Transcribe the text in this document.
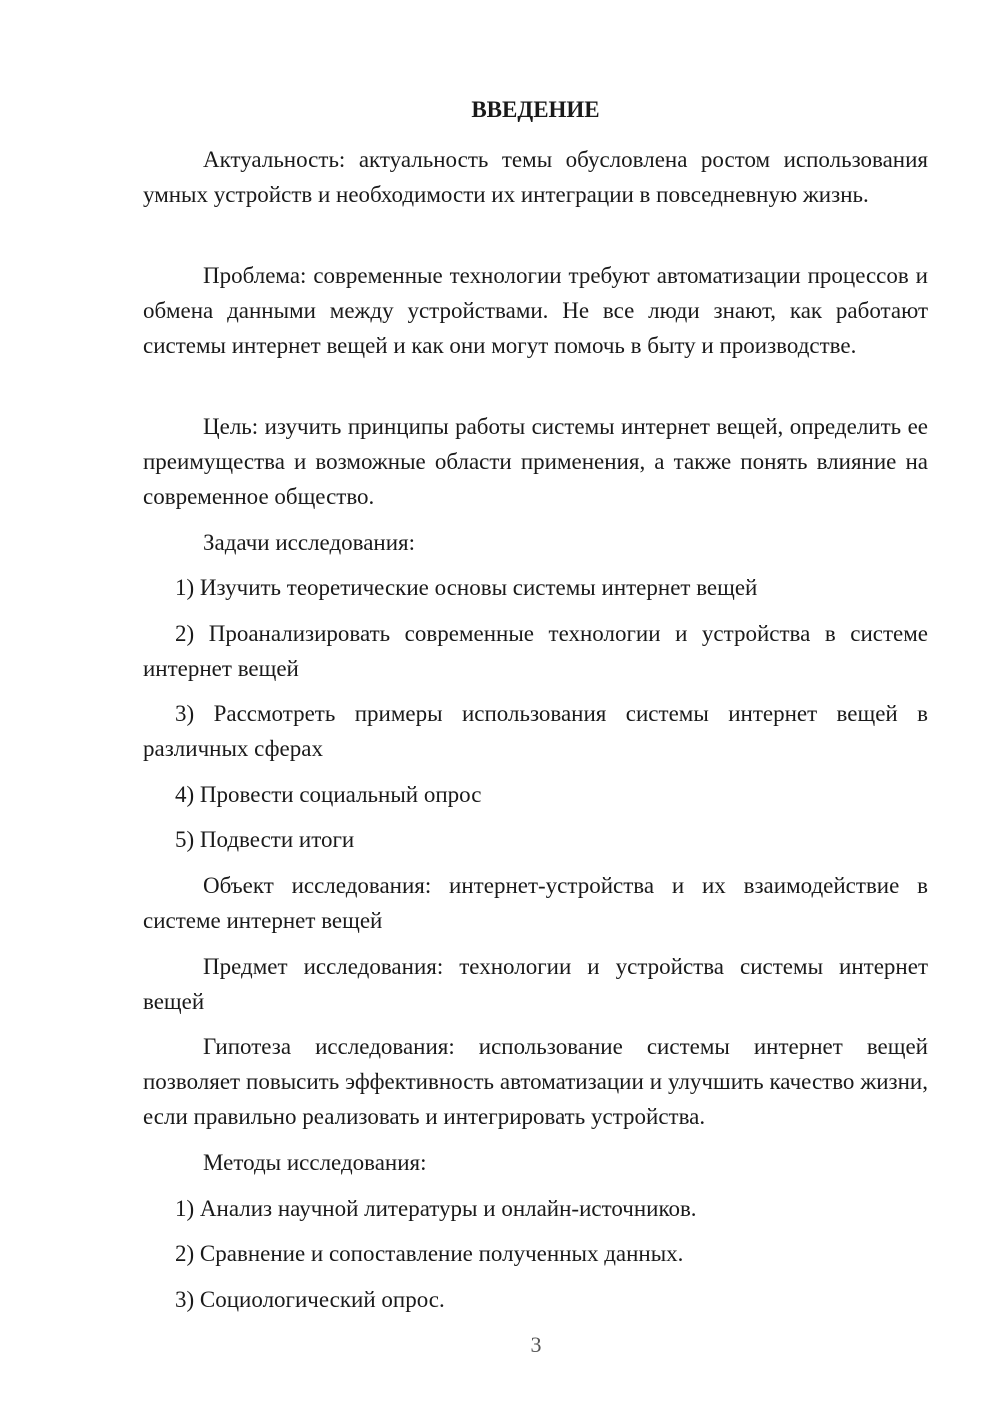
ВВЕДЕНИЕ

Актуальность: актуальность темы обусловлена ростом использования умных устройств и необходимости их интеграции в повседневную жизнь.

Проблема: современные технологии требуют автоматизации процессов и обмена данными между устройствами. Не все люди знают, как работают системы интернет вещей и как они могут помочь в быту и производстве.

Цель: изучить принципы работы системы интернет вещей, определить ее преимущества и возможные области применения, а также понять влияние на современное общество.

Задачи исследования:

1) Изучить теоретические основы системы интернет вещей

2) Проанализировать современные технологии и устройства в системе интернет вещей

3) Рассмотреть примеры использования системы интернет вещей в различных сферах

4) Провести социальный опрос

5) Подвести итоги

Объект исследования: интернет-устройства и их взаимодействие в системе интернет вещей

Предмет исследования: технологии и устройства системы интернет вещей

Гипотеза исследования: использование системы интернет вещей позволяет повысить эффективность автоматизации и улучшить качество жизни, если правильно реализовать и интегрировать устройства.

Методы исследования:

1) Анализ научной литературы и онлайн-источников.

2) Сравнение и сопоставление полученных данных.

3) Социологический опрос.

3
